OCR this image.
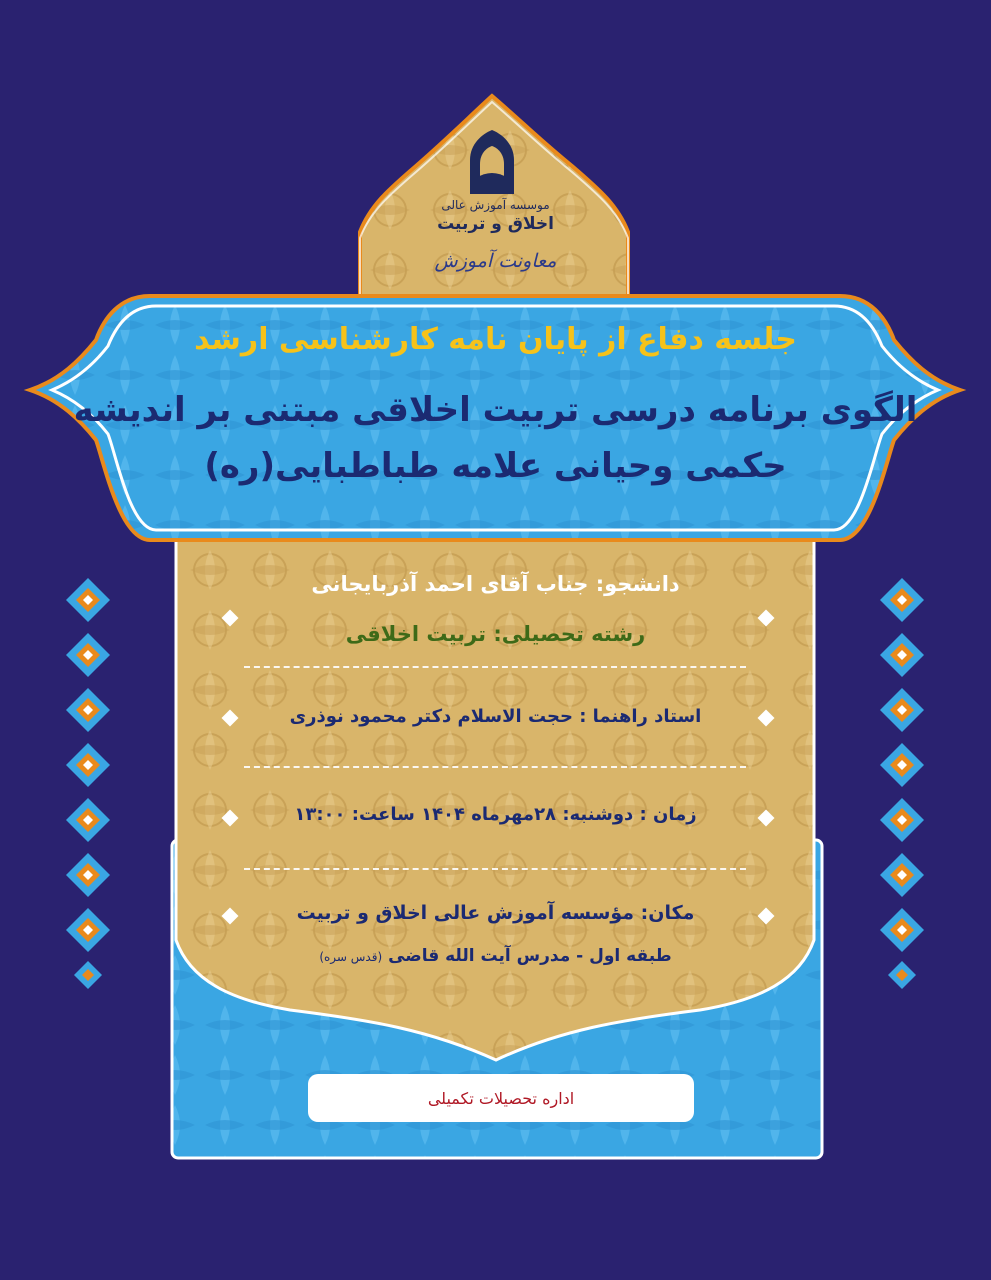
موسسه آموزش عالی
اخلاق و تربیت
معاونت آموزش
جلسه دفاع از پایان نامه کارشناسی ارشد
الگوی برنامه درسی تربیت اخلاقی مبتنی بر اندیشه
حکمی وحیانی علامه طباطبایی(ره)
دانشجو: جناب آقای احمد آذربایجانی
رشته تحصیلی: تربیت اخلاقی
استاد راهنما : حجت الاسلام دکتر محمود نوذری
زمان : دوشنبه: ۲۸مهرماه ۱۴۰۴ ساعت: ۱۳:۰۰
مکان: مؤسسه آموزش عالی اخلاق و تربیت
طبقه اول - مدرس آیت الله قاضی (قدس سره)
اداره تحصیلات تکمیلی
